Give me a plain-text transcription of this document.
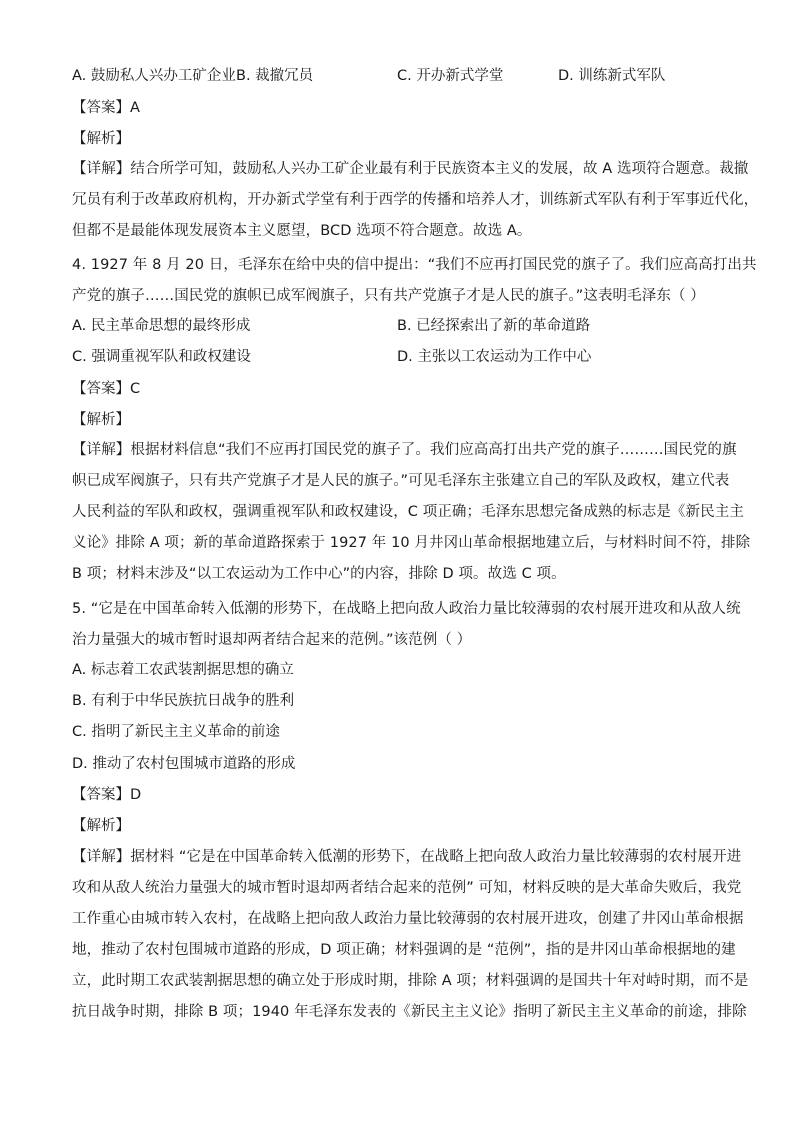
A. 鼓励私人兴办工矿企业 B. 裁撤冗员	C. 开办新式学堂	D. 训练新式军队
【答案】A
【解析】
【详解】结合所学可知，鼓励私人兴办工矿企业最有利于民族资本主义的发展，故 A 选项符合题意。裁撤
冗员有利于改革政府机构，开办新式学堂有利于西学的传播和培养人才，训练新式军队有利于军事近代化，
但都不是最能体现发展资本主义愿望，BCD 选项不符合题意。故选 A。
4. 1927 年 8 月 20 日，毛泽东在给中央的信中提出：“我们不应再打国民党的旗子了。我们应高高打出共
产党的旗子……国民党的旗帜已成军阀旗子，只有共产党旗子才是人民的旗子。”这表明毛泽东（ ）
A. 民主革命思想的最终形成	B. 已经探索出了新的革命道路
C. 强调重视军队和政权建设	D. 主张以工农运动为工作中心
【答案】C
【解析】
【详解】根据材料信息“我们不应再打国民党的旗子了。我们应高高打出共产党的旗子………国民党的旗
帜已成军阀旗子，只有共产党旗子才是人民的旗子。”可见毛泽东主张建立自己的军队及政权，建立代表
人民利益的军队和政权，强调重视军队和政权建设，C 项正确；毛泽东思想完备成熟的标志是《新民主主
义论》排除 A 项；新的革命道路探索于 1927 年 10 月井冈山革命根据地建立后，与材料时间不符，排除
B 项；材料末涉及“以工农运动为工作中心”的内容，排除 D 项。故选 C 项。
5. “它是在中国革命转入低潮的形势下，在战略上把向敌人政治力量比较薄弱的农村展开进攻和从敌人统
治力量强大的城市暂时退却两者结合起来的范例。”该范例（ ）
A. 标志着工农武装割据思想的确立
B. 有利于中华民族抗日战争的胜利
C. 指明了新民主主义革命的前途
D. 推动了农村包围城市道路的形成
【答案】D
【解析】
【详解】据材料 “它是在中国革命转入低潮的形势下，在战略上把向敌人政治力量比较薄弱的农村展开进
攻和从敌人统治力量强大的城市暂时退却两者结合起来的范例” 可知，材料反映的是大革命失败后，我党
工作重心由城市转入农村，在战略上把向敌人政治力量比较薄弱的农村展开进攻，创建了井冈山革命根据
地，推动了农村包围城市道路的形成，D 项正确；材料强调的是 “范例”，指的是井冈山革命根据地的建
立，此时期工农武装割据思想的确立处于形成时期，排除 A 项；材料强调的是国共十年对峙时期，而不是
抗日战争时期，排除 B 项；1940 年毛泽东发表的《新民主主义论》指明了新民主主义革命的前途，排除
